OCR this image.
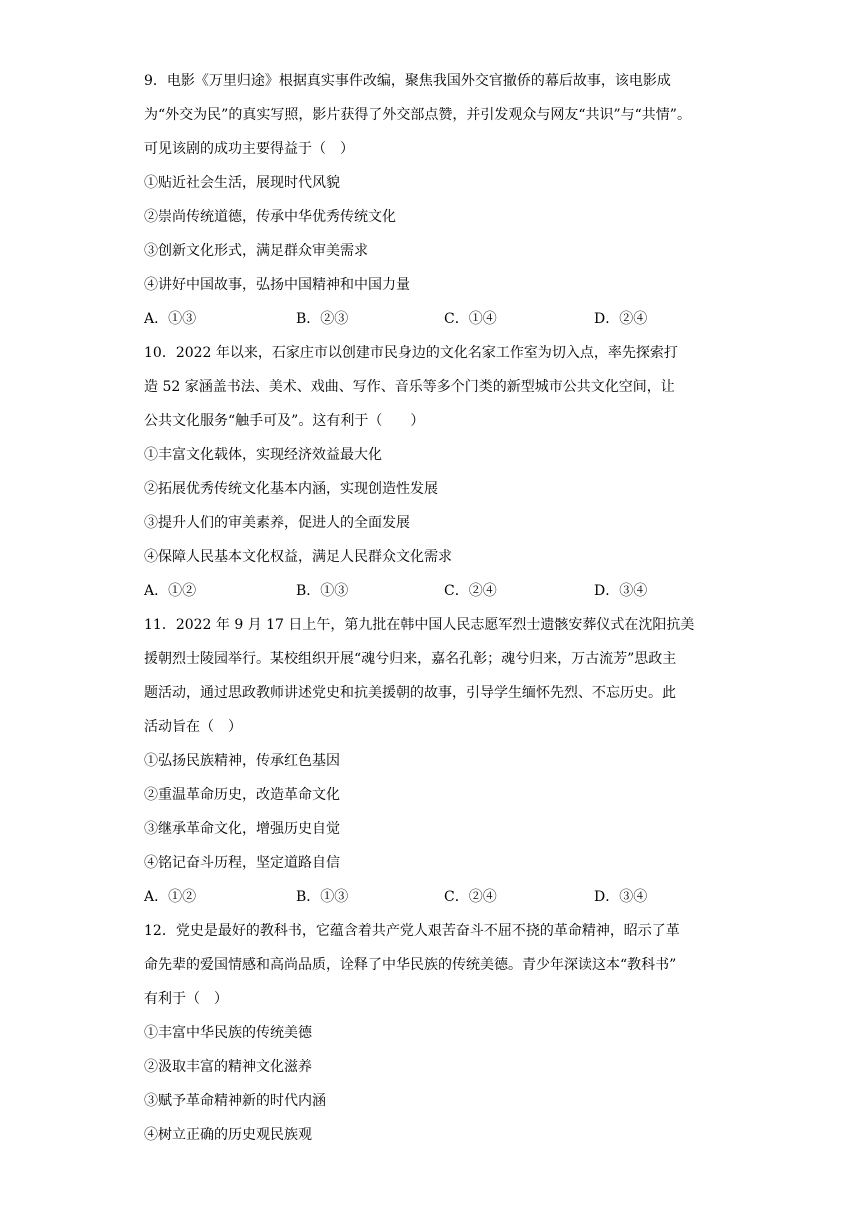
9．电影《万里归途》根据真实事件改编，聚焦我国外交官撤侨的幕后故事，该电影成
为“外交为民”的真实写照，影片获得了外交部点赞，并引发观众与网友“共识”与“共情”。
可见该剧的成功主要得益于（　）
①贴近社会生活，展现时代风貌
②崇尚传统道德，传承中华优秀传统文化
③创新文化形式，满足群众审美需求
④讲好中国故事，弘扬中国精神和中国力量
A．①③	B．②③	C．①④	D．②④
10．2022 年以来，石家庄市以创建市民身边的文化名家工作室为切入点，率先探索打
造 52 家涵盖书法、美术、戏曲、写作、音乐等多个门类的新型城市公共文化空间，让
公共文化服务“触手可及”。这有利于（　　）
①丰富文化载体，实现经济效益最大化
②拓展优秀传统文化基本内涵，实现创造性发展
③提升人们的审美素养，促进人的全面发展
④保障人民基本文化权益，满足人民群众文化需求
A．①②	B．①③	C．②④	D．③④
11．2022 年 9 月 17 日上午，第九批在韩中国人民志愿军烈士遗骸安葬仪式在沈阳抗美
援朝烈士陵园举行。某校组织开展“魂兮归来，嘉名孔彰；魂兮归来，万古流芳”思政主
题活动，通过思政教师讲述党史和抗美援朝的故事，引导学生缅怀先烈、不忘历史。此
活动旨在（　）
①弘扬民族精神，传承红色基因
②重温革命历史，改造革命文化
③继承革命文化，增强历史自觉
④铭记奋斗历程，坚定道路自信
A．①②	B．①③	C．②④	D．③④
12．党史是最好的教科书，它蕴含着共产党人艰苦奋斗不屈不挠的革命精神，昭示了革
命先辈的爱国情感和高尚品质，诠释了中华民族的传统美德。青少年深读这本“教科书”
有利于（　）
①丰富中华民族的传统美德
②汲取丰富的精神文化滋养
③赋予革命精神新的时代内涵
④树立正确的历史观民族观
